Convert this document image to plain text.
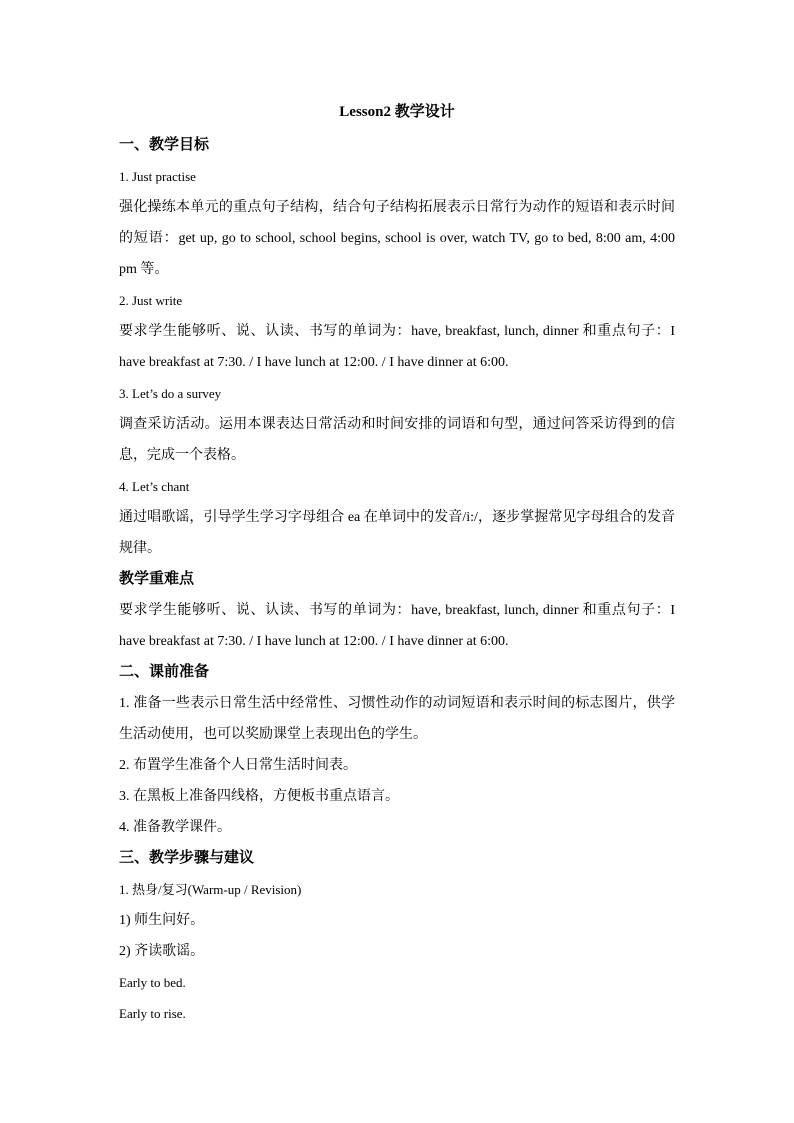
Lesson2 教学设计
一、教学目标
1. Just practise
强化操练本单元的重点句子结构，结合句子结构拓展表示日常行为动作的短语和表示时间的短语：get up, go to school, school begins, school is over, watch TV, go to bed, 8:00 am, 4:00 pm 等。
2. Just write
要求学生能够听、说、认读、书写的单词为：have, breakfast, lunch, dinner 和重点句子：I have breakfast at 7:30. / I have lunch at 12:00. / I have dinner at 6:00.
3. Let’s do a survey
调查采访活动。运用本课表达日常活动和时间安排的词语和句型，通过问答采访得到的信息，完成一个表格。
4. Let’s chant
通过唱歌谣，引导学生学习字母组合 ea 在单词中的发音/i:/，逐步掌握常见字母组合的发音规律。
教学重难点
要求学生能够听、说、认读、书写的单词为：have, breakfast, lunch, dinner 和重点句子：I have breakfast at 7:30. / I have lunch at 12:00. / I have dinner at 6:00.
二、课前准备
1. 准备一些表示日常生活中经常性、习惯性动作的动词短语和表示时间的标志图片，供学生活动使用，也可以奖励课堂上表现出色的学生。
2. 布置学生准备个人日常生活时间表。
3. 在黑板上准备四线格，方便板书重点语言。
4. 准备教学课件。
三、教学步骤与建议
1. 热身/复习(Warm-up / Revision)
1) 师生问好。
2) 齐读歌谣。
Early to bed.
Early to rise.
